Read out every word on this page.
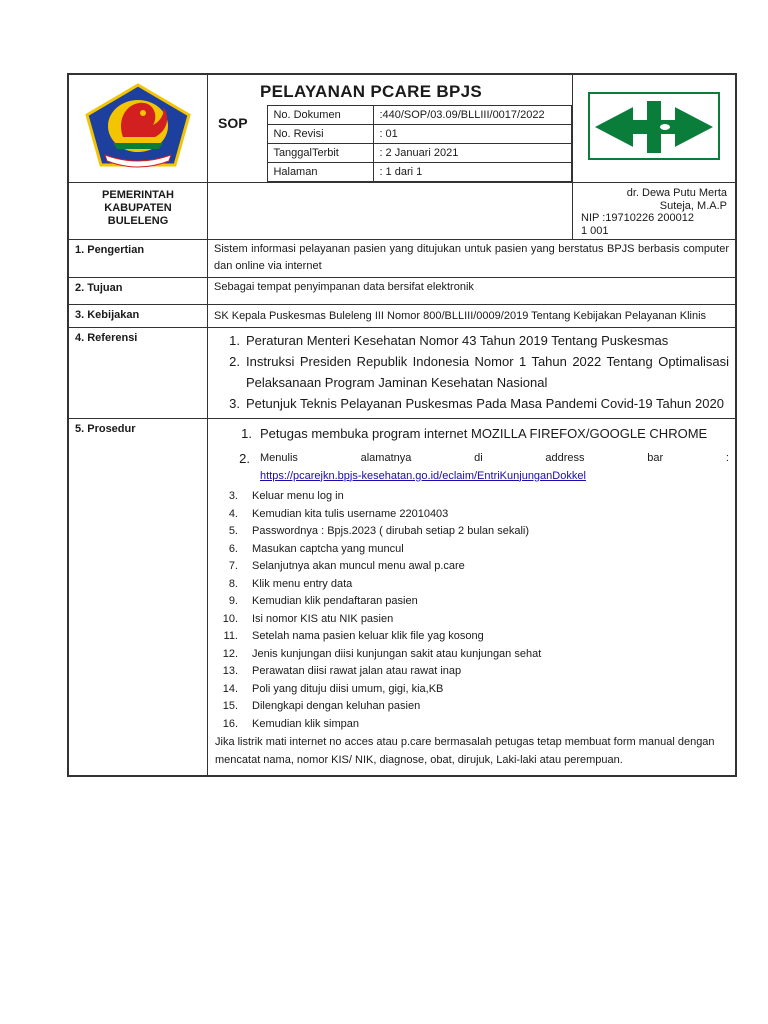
PELAYANAN PCARE BPJS
SOP	No. Dokumen	:440/SOP/03.09/BLLIII/0017/2022
No. Revisi	: 01
TanggalTerbit	: 2 Januari 2021
Halaman	: 1 dari 1

PEMERINTAH
KABUPATEN
BULELENG

dr. Dewa Putu Merta
Suteja, M.A.P
NIP :19710226 200012
1 001

1. Pengertian	Sistem informasi pelayanan pasien yang ditujukan untuk pasien yang berstatus BPJS berbasis computer dan online via internet

2. Tujuan	Sebagai tempat penyimpanan data bersifat elektronik

3. Kebijakan	SK Kepala Puskesmas Buleleng III Nomor 800/BLLIII/0009/2019 Tentang Kebijakan Pelayanan Klinis

4. Referensi	1. Peraturan Menteri Kesehatan Nomor 43 Tahun 2019 Tentang Puskesmas
2. Instruksi Presiden Republik Indonesia Nomor 1 Tahun 2022 Tentang Optimalisasi Pelaksanaan Program Jaminan Kesehatan Nasional
3. Petunjuk Teknis Pelayanan Puskesmas Pada Masa Pandemi Covid-19 Tahun 2020

5. Prosedur	1. Petugas membuka program internet MOZILLA FIREFOX/GOOGLE CHROME
2. Menulis	alamatnya	di	address	bar	:
https://pcarejkn.bpjs-kesehatan.go.id/eclaim/EntriKunjunganDokkel
3.	Keluar menu log in
4.	Kemudian kita tulis username 22010403
5.	Passwordnya : Bpjs.2023 ( dirubah setiap 2 bulan sekali)
6.	Masukan captcha yang muncul
7.	Selanjutnya akan muncul menu awal p.care
8.	Klik menu entry data
9.	Kemudian klik pendaftaran pasien
10.	Isi nomor KIS atu NIK pasien
11.	Setelah nama pasien keluar klik file yag kosong
12.	Jenis kunjungan diisi kunjungan sakit atau kunjungan sehat
13.	Perawatan diisi rawat jalan atau rawat inap
14.	Poli yang dituju diisi umum, gigi, kia,KB
15.	Dilengkapi dengan keluhan pasien
16.	Kemudian klik simpan
Jika listrik mati internet no acces atau p.care bermasalah petugas tetap membuat form manual dengan mencatat nama, nomor KIS/ NIK, diagnose, obat, dirujuk, Laki-laki atau perempuan.
